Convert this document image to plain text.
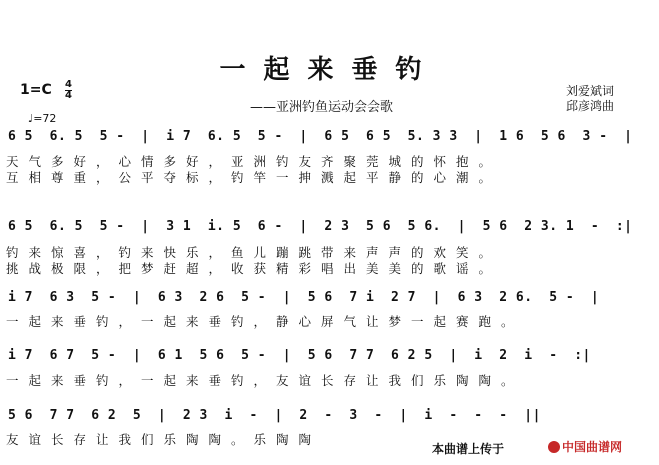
一起来垂钓
——亚洲钓鱼运动会会歌
刘爱斌词
邱彦鸿曲
1=C 4
4
♩=72
6 5  6. 5  5 -  |  i 7  6. 5  5 -  |  6 5  6 5  5. 3 3  |  1 6  5 6  3 -  |
天气多好，心情多好，亚洲钓友齐聚莞城的怀抱。
互相尊重，公平夺标，钓竿一抻溅起平静的心潮。
6 5  6. 5  5 -  |  3 1  i. 5  6 -  |  2 3  5 6  5 6.  |  5 6  2 3. 1  -  :|
钓来惊喜，钓来快乐，鱼儿蹦跳带来声声的欢笑。
挑战极限，把梦赶超，收获精彩唱出美美的歌谣。
i 7  6 3  5 -  |  6 3  2 6  5 -  |  5 6  7 i  2 7  |  6 3  2 6.  5 -  |
一起来垂钓，一起来垂钓，静心屏气让梦一起赛跑。
i 7  6 7  5 -  |  6 1  5 6  5 -  |  5 6  7 7  6 2 5  |  i  2  i  -  :|
一起来垂钓，一起来垂钓，友谊长存让我们乐陶陶。
5 6  7 7  6 2  5  |  2 3  i  -  |  2  -  3  -  |  i  -  -  -  ||
友谊长存让我们乐陶陶。乐陶陶
本曲谱上传于	中国曲谱网
